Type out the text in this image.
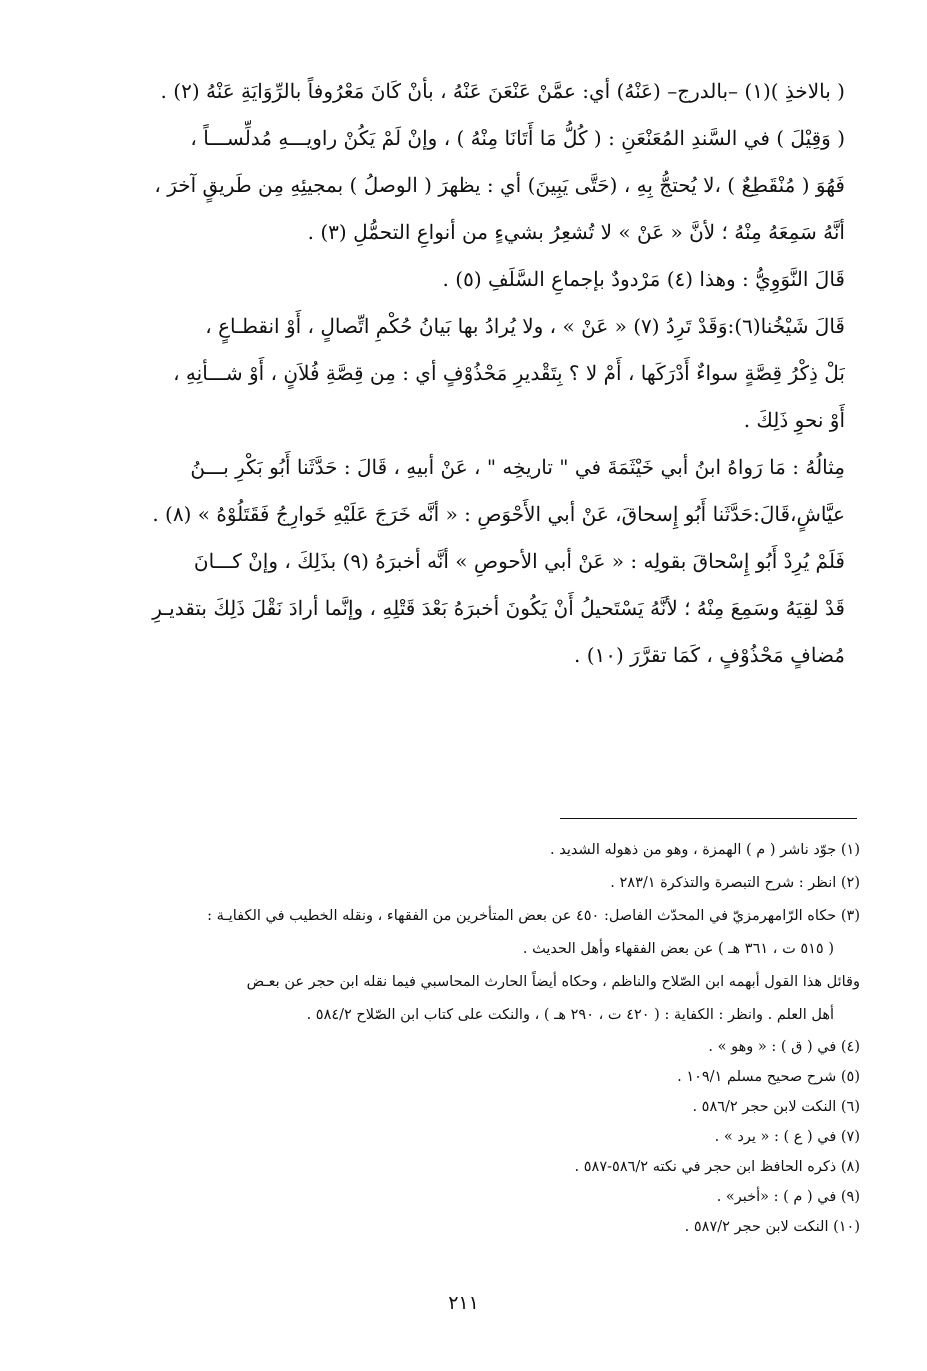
( بالاخذِ )(١) –بالدرج– (عَنْهُ) أي: عمَّنْ عَنْعَنَ عَنْهُ ، بأنْ كَانَ مَعْرُوفاً بالرِّوَايَةِ عَنْهُ (٢) .
( وَقِيْلَ ) في السَّندِ المُعَنْعَنِ : ( كُلُّ مَا أَتَانَا مِنْهُ ) ، وإنْ لَمْ يَكُنْ راويـــهِ مُدلِّســـاً ،
فَهُوَ ( مُنْقَطِعٌ ) ،لا يُحتجُّ بِهِ ، (حَتَّى يَبِينَ) أي : يظهرَ ( الوصلُ ) بمجيئِهِ مِن طَريقٍ آخرَ ،
أنَّهُ سَمِعَهُ مِنْهُ ؛ لأنَّ « عَنْ » لا تُشعِرُ بشيءٍ من أنواعِ التحمُّلِ (٣) .
قَالَ النَّوَوِيُّ : وهذا (٤) مَرْدودٌ بإجماعِ السَّلَفِ (٥) .
قَالَ شَيْخُنا(٦):وَقَدْ تَرِدُ (٧) « عَنْ » ، ولا يُرادُ بها بَيانُ حُكْمِ اتِّصالٍ ، أَوْ انقطـاعٍ ،
بَلْ ذِكْرُ قِصَّةٍ سواءٌ أَدْرَكَها ، أَمْ لا ؟ بِتَقْديرِ مَحْذُوْفٍ أي : مِن قِصَّةِ فُلاَنٍ ، أَوْ شـــأنِهِ ،
أَوْ نحوِ ذَلِكَ .
مِثالُهُ : مَا رَواهُ ابنُ أبي خَيْثَمَةَ في " تاريخِه " ، عَنْ أبيهِ ، قَالَ : حَدَّثَنا أَبُو بَكْرِ بـــنُ
عيَّاشٍ،قَالَ:حَدَّثَنا أَبُو إِسحاقَ، عَنْ أبي الأَحْوَصِ : « أنَّه خَرَجَ عَلَيْهِ خَوارِجُ فَقَتَلُوْهُ » (٨) .
فَلَمْ يُرِدْ أَبُو إِسْحاقَ بقولِه : « عَنْ أبي الأحوصِ » أنَّه أخبرَهُ (٩) بذَلِكَ ، وإنْ كـــانَ
قَدْ لقِيَهُ وسَمِعَ مِنْهُ ؛ لأنَّهُ يَسْتَحيلُ أَنْ يَكُونَ أخبرَهُ بَعْدَ قَتْلِهِ ، وإنَّما أرادَ نَقْلَ ذَلِكَ بتقديـرِ
مُضافٍ مَحْذُوْفٍ ، كَمَا تقرَّرَ (١٠) .
(١) جوّد ناشر ( م ) الهمزة ، وهو من ذهوله الشديد .
(٢) انظر : شرح التبصرة والتذكرة ٢٨٣/١ .
(٣) حكاه الرّامهرمزيّ في المحدّث الفاصل: ٤٥٠ عن بعض المتأخرين من الفقهاء ، ونقله الخطيب في الكفايـة :
( ٥١٥ ت ، ٣٦١ هـ ) عن بعض الفقهاء وأهل الحديث .
وقائل هذا القول أبهمه ابن الصّلاح والناظم ، وحكاه أيضاً الحارث المحاسبي فيما نقله ابن حجر عن بعـض
أهل العلم . وانظر : الكفاية : ( ٤٢٠ ت ، ٢٩٠ هـ ) ، والنكت على كتاب ابن الصّلاح ٥٨٤/٢ .
(٤) في ( ق ) : « وهو » .
(٥) شرح صحيح مسلم ١٠٩/١ .
(٦) النكت لابن حجر ٥٨٦/٢ .
(٧) في ( ع ) : « يرد » .
(٨) ذكره الحافظ ابن حجر في نكته ٥٨٦/٢-٥٨٧ .
(٩) في ( م ) : «أخبر» .
(١٠) النكت لابن حجر ٥٨٧/٢ .
٢١١
